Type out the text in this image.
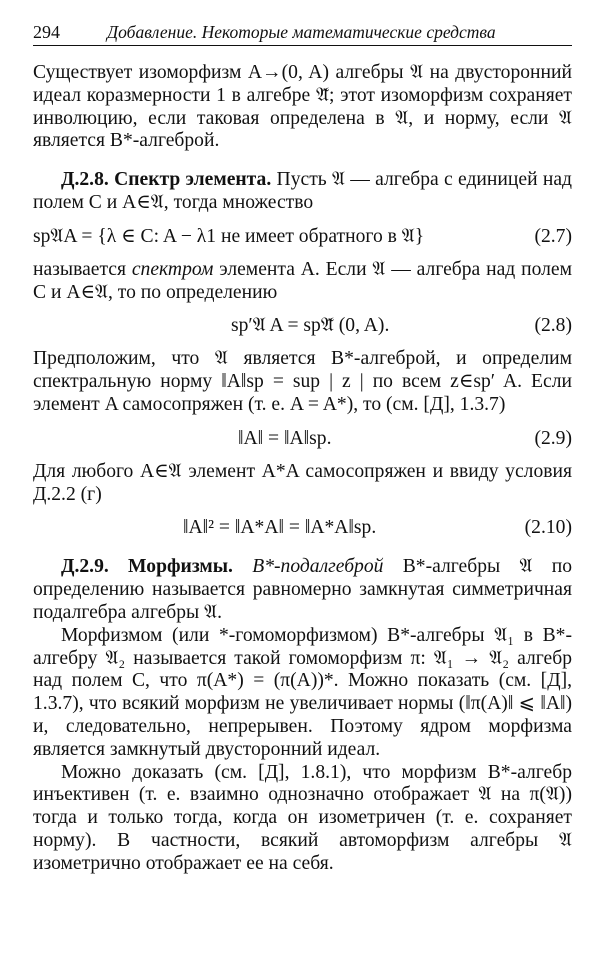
294	Добавление. Некоторые математические средства

Существует изоморфизм A→(0, A) алгебры 𝔄 на двусторонний идеал коразмерности 1 в алгебре 𝔄̃; этот изоморфизм сохраняет инволюцию, если таковая определена в 𝔄, и норму, если 𝔄 является B*-алгеброй.

Д.2.8. Спектр элемента. Пусть 𝔄 — алгебра с единицей над полем C и A∈𝔄, тогда множество

sp𝔄A = {λ ∈ C: A − λ1 не имеет обратного в 𝔄}	(2.7)

называется спектром элемента A. Если 𝔄 — алгебра над полем C и A∈𝔄, то по определению

sp′𝔄 A = sp𝔄̃ (0, A).	(2.8)

Предположим, что 𝔄 является B*-алгеброй, и определим спектральную норму ‖A‖sp = sup | z | по всем z∈sp′ A. Если элемент A самосопряжен (т. е. A = A*), то (см. [Д], 1.3.7)

‖A‖ = ‖A‖sp.	(2.9)

Для любого A∈𝔄 элемент A*A самосопряжен и ввиду условия Д.2.2 (г)

‖A‖² = ‖A*A‖ = ‖A*A‖sp.	(2.10)

Д.2.9. Морфизмы. B*-подалгеброй B*-алгебры 𝔄 по определению называется равномерно замкнутая симметричная подалгебра алгебры 𝔄.

Морфизмом (или *-гомоморфизмом) B*-алгебры 𝔄₁ в B*-алгебру 𝔄₂ называется такой гомоморфизм π: 𝔄₁ → 𝔄₂ алгебр над полем C, что π(A*) = (π(A))*. Можно показать (см. [Д], 1.3.7), что всякий морфизм не увеличивает нормы (‖π(A)‖ ⩽ ‖A‖) и, следовательно, непрерывен. Поэтому ядром морфизма является замкнутый двусторонний идеал.

Можно доказать (см. [Д], 1.8.1), что морфизм B*-алгебр инъективен (т. е. взаимно однозначно отображает 𝔄 на π(𝔄)) тогда и только тогда, когда он изометричен (т. е. сохраняет норму). В частности, всякий автоморфизм алгебры 𝔄 изометрично отображает ее на себя.
